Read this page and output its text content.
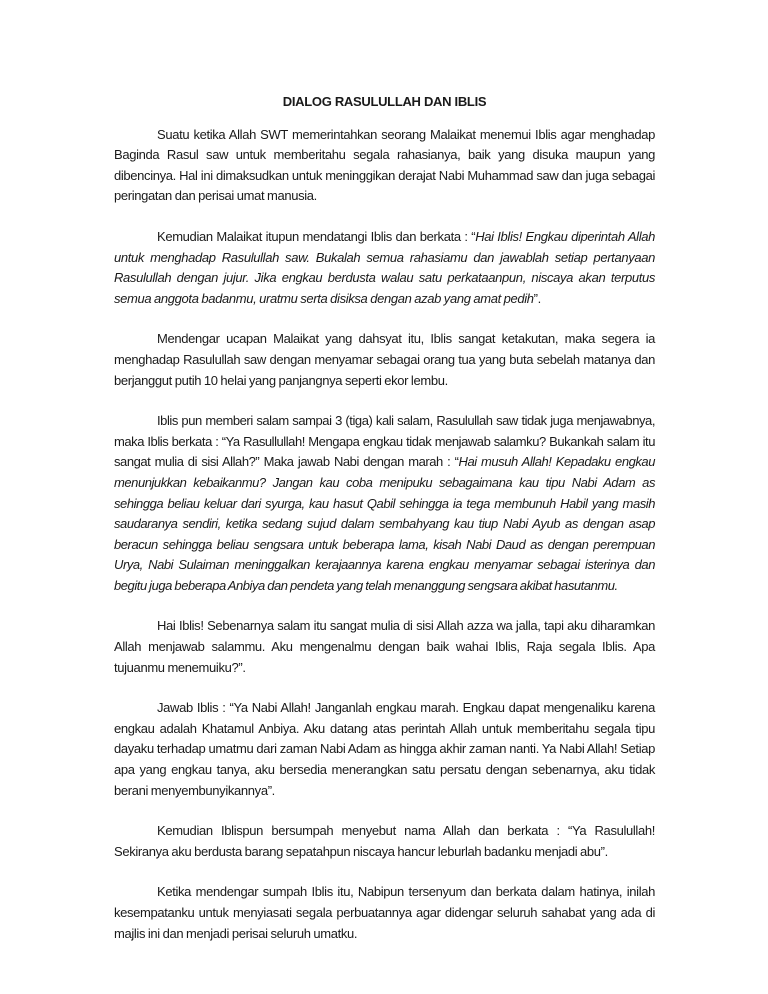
DIALOG RASULULLAH DAN IBLIS

Suatu ketika Allah SWT memerintahkan seorang Malaikat menemui Iblis agar menghadap Baginda Rasul saw untuk memberitahu segala rahasianya, baik yang disuka maupun yang dibencinya. Hal ini dimaksudkan untuk meninggikan derajat Nabi Muhammad saw dan juga sebagai peringatan dan perisai umat manusia.

Kemudian Malaikat itupun mendatangi Iblis dan berkata : “Hai Iblis! Engkau diperintah Allah untuk menghadap Rasulullah saw. Bukalah semua rahasiamu dan jawablah setiap pertanyaan Rasulullah dengan jujur. Jika engkau berdusta walau satu perkataanpun, niscaya akan terputus semua anggota badanmu, uratmu serta disiksa dengan azab yang amat pedih”.

Mendengar ucapan Malaikat yang dahsyat itu, Iblis sangat ketakutan, maka segera ia menghadap Rasulullah saw dengan menyamar sebagai orang tua yang buta sebelah matanya dan berjanggut putih 10 helai yang panjangnya seperti ekor lembu.

Iblis pun memberi salam sampai 3 (tiga) kali salam, Rasulullah saw tidak juga menjawabnya, maka Iblis berkata : “Ya Rasullullah! Mengapa engkau tidak menjawab salamku? Bukankah salam itu sangat mulia di sisi Allah?” Maka jawab Nabi dengan marah : “Hai musuh Allah! Kepadaku engkau menunjukkan kebaikanmu? Jangan kau coba menipuku sebagaimana kau tipu Nabi Adam as sehingga beliau keluar dari syurga, kau hasut Qabil sehingga ia tega membunuh Habil yang masih saudaranya sendiri, ketika sedang sujud dalam sembahyang kau tiup Nabi Ayub as dengan asap beracun sehingga beliau sengsara untuk beberapa lama, kisah Nabi Daud as dengan perempuan Urya, Nabi Sulaiman meninggalkan kerajaannya karena engkau menyamar sebagai isterinya dan begitu juga beberapa Anbiya dan pendeta yang telah menanggung sengsara akibat hasutanmu.

Hai Iblis! Sebenarnya salam itu sangat mulia di sisi Allah azza wa jalla, tapi aku diharamkan Allah menjawab salammu. Aku mengenalmu dengan baik wahai Iblis, Raja segala Iblis. Apa tujuanmu menemuiku?”.

Jawab Iblis : “Ya Nabi Allah! Janganlah engkau marah. Engkau dapat mengenaliku karena engkau adalah Khatamul Anbiya. Aku datang atas perintah Allah untuk memberitahu segala tipu dayaku terhadap umatmu dari zaman Nabi Adam as hingga akhir zaman nanti. Ya Nabi Allah! Setiap apa yang engkau tanya, aku bersedia menerangkan satu persatu dengan sebenarnya, aku tidak berani menyembunyikannya”.

Kemudian Iblispun bersumpah menyebut nama Allah dan berkata : “Ya Rasulullah! Sekiranya aku berdusta barang sepatahpun niscaya hancur leburlah badanku menjadi abu”.

Ketika mendengar sumpah Iblis itu, Nabipun tersenyum dan berkata dalam hatinya, inilah kesempatanku untuk menyiasati segala perbuatannya agar didengar seluruh sahabat yang ada di majlis ini dan menjadi perisai seluruh umatku.
